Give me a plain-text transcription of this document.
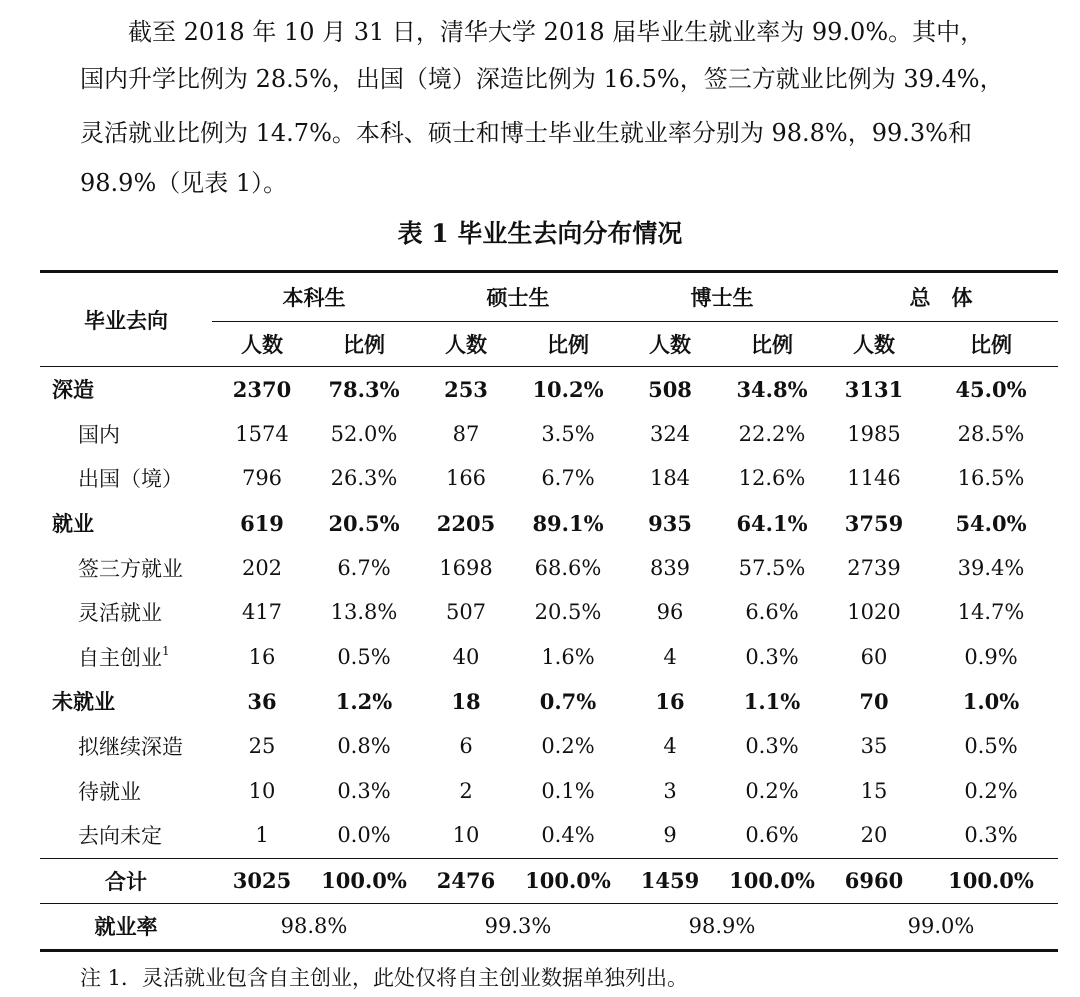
截至 2018 年 10 月 31 日，清华大学 2018 届毕业生就业率为 99.0%。其中，
国内升学比例为 28.5%，出国（境）深造比例为 16.5%，签三方就业比例为 39.4%，
灵活就业比例为 14.7%。本科、硕士和博士毕业生就业率分别为 98.8%，99.3%和
98.9%（见表 1）。
表 1 毕业生去向分布情况
毕业去向	本科生		硕士生		博士生		总　体	
	人数	比例	人数	比例	人数	比例	人数	比例
深造	2370	78.3%	253	10.2%	508	34.8%	3131	45.0%
国内	1574	52.0%	87	3.5%	324	22.2%	1985	28.5%
出国（境）	796	26.3%	166	6.7%	184	12.6%	1146	16.5%
就业	619	20.5%	2205	89.1%	935	64.1%	3759	54.0%
签三方就业	202	6.7%	1698	68.6%	839	57.5%	2739	39.4%
灵活就业	417	13.8%	507	20.5%	96	6.6%	1020	14.7%
自主创业$^1$	16	0.5%	40	1.6%	4	0.3%	60	0.9%
未就业	36	1.2%	18	0.7%	16	1.1%	70	1.0%
拟继续深造	25	0.8%	6	0.2%	4	0.3%	35	0.5%
待就业	10	0.3%	2	0.1%	3	0.2%	15	0.2%
去向未定	1	0.0%	10	0.4%	9	0.6%	20	0.3%
合计	3025	100.0%	2476	100.0%	1459	100.0%	6960	100.0%
就业率	98.8%		99.3%		98.9%		99.0%	
注 1．灵活就业包含自主创业，此处仅将自主创业数据单独列出。
